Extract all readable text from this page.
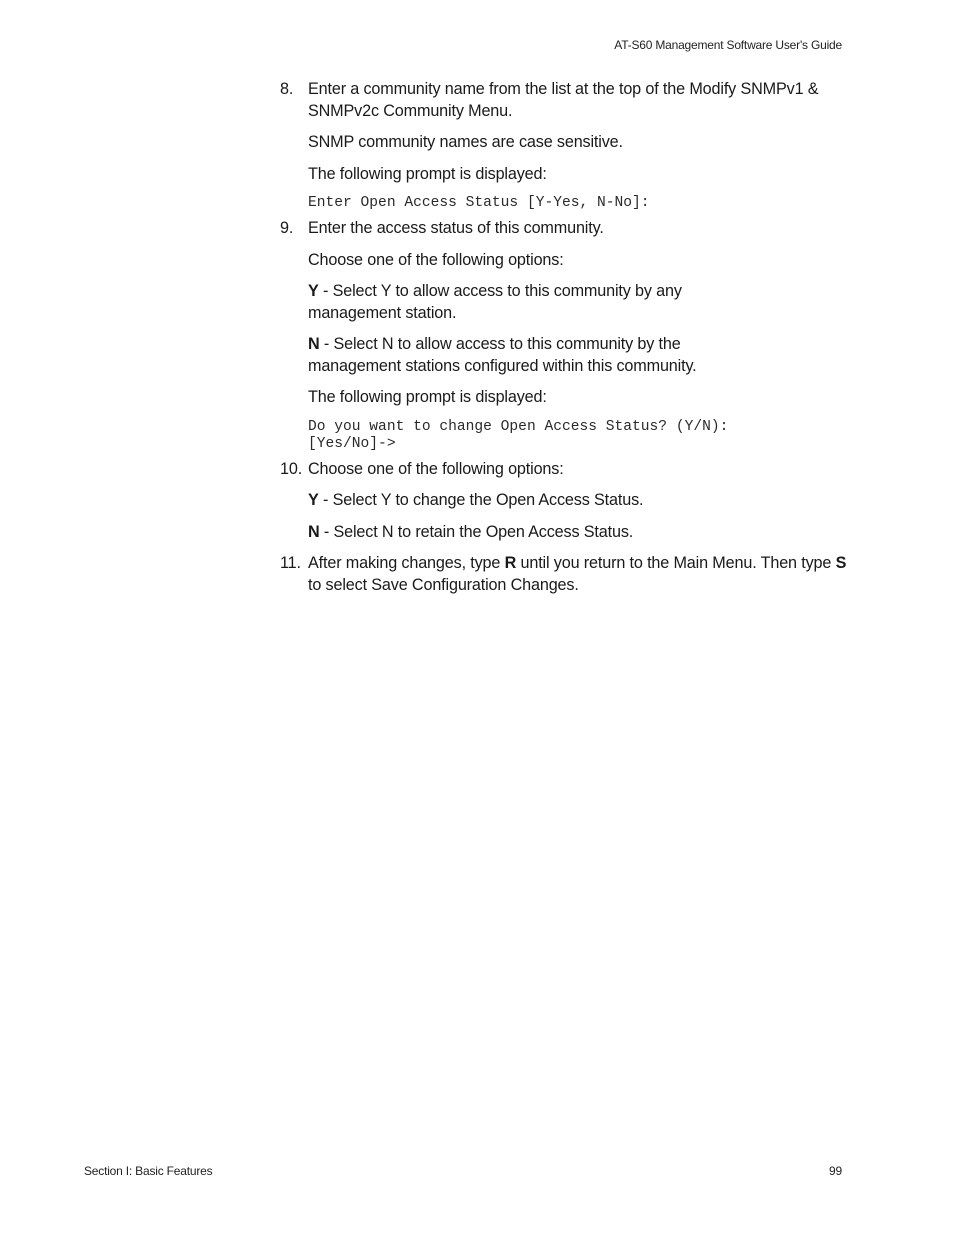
AT-S60 Management Software User's Guide
8. Enter a community name from the list at the top of the Modify SNMPv1 & SNMPv2c Community Menu.

SNMP community names are case sensitive.

The following prompt is displayed:

Enter Open Access Status [Y-Yes, N-No]:
9. Enter the access status of this community.

Choose one of the following options:

Y - Select Y to allow access to this community by any management station.

N - Select N to allow access to this community by the management stations configured within this community.

The following prompt is displayed:

Do you want to change Open Access Status? (Y/N):
[Yes/No]->
10. Choose one of the following options:

Y - Select Y to change the Open Access Status.

N - Select N to retain the Open Access Status.

11. After making changes, type R until you return to the Main Menu. Then type S to select Save Configuration Changes.

Section I: Basic Features	99
